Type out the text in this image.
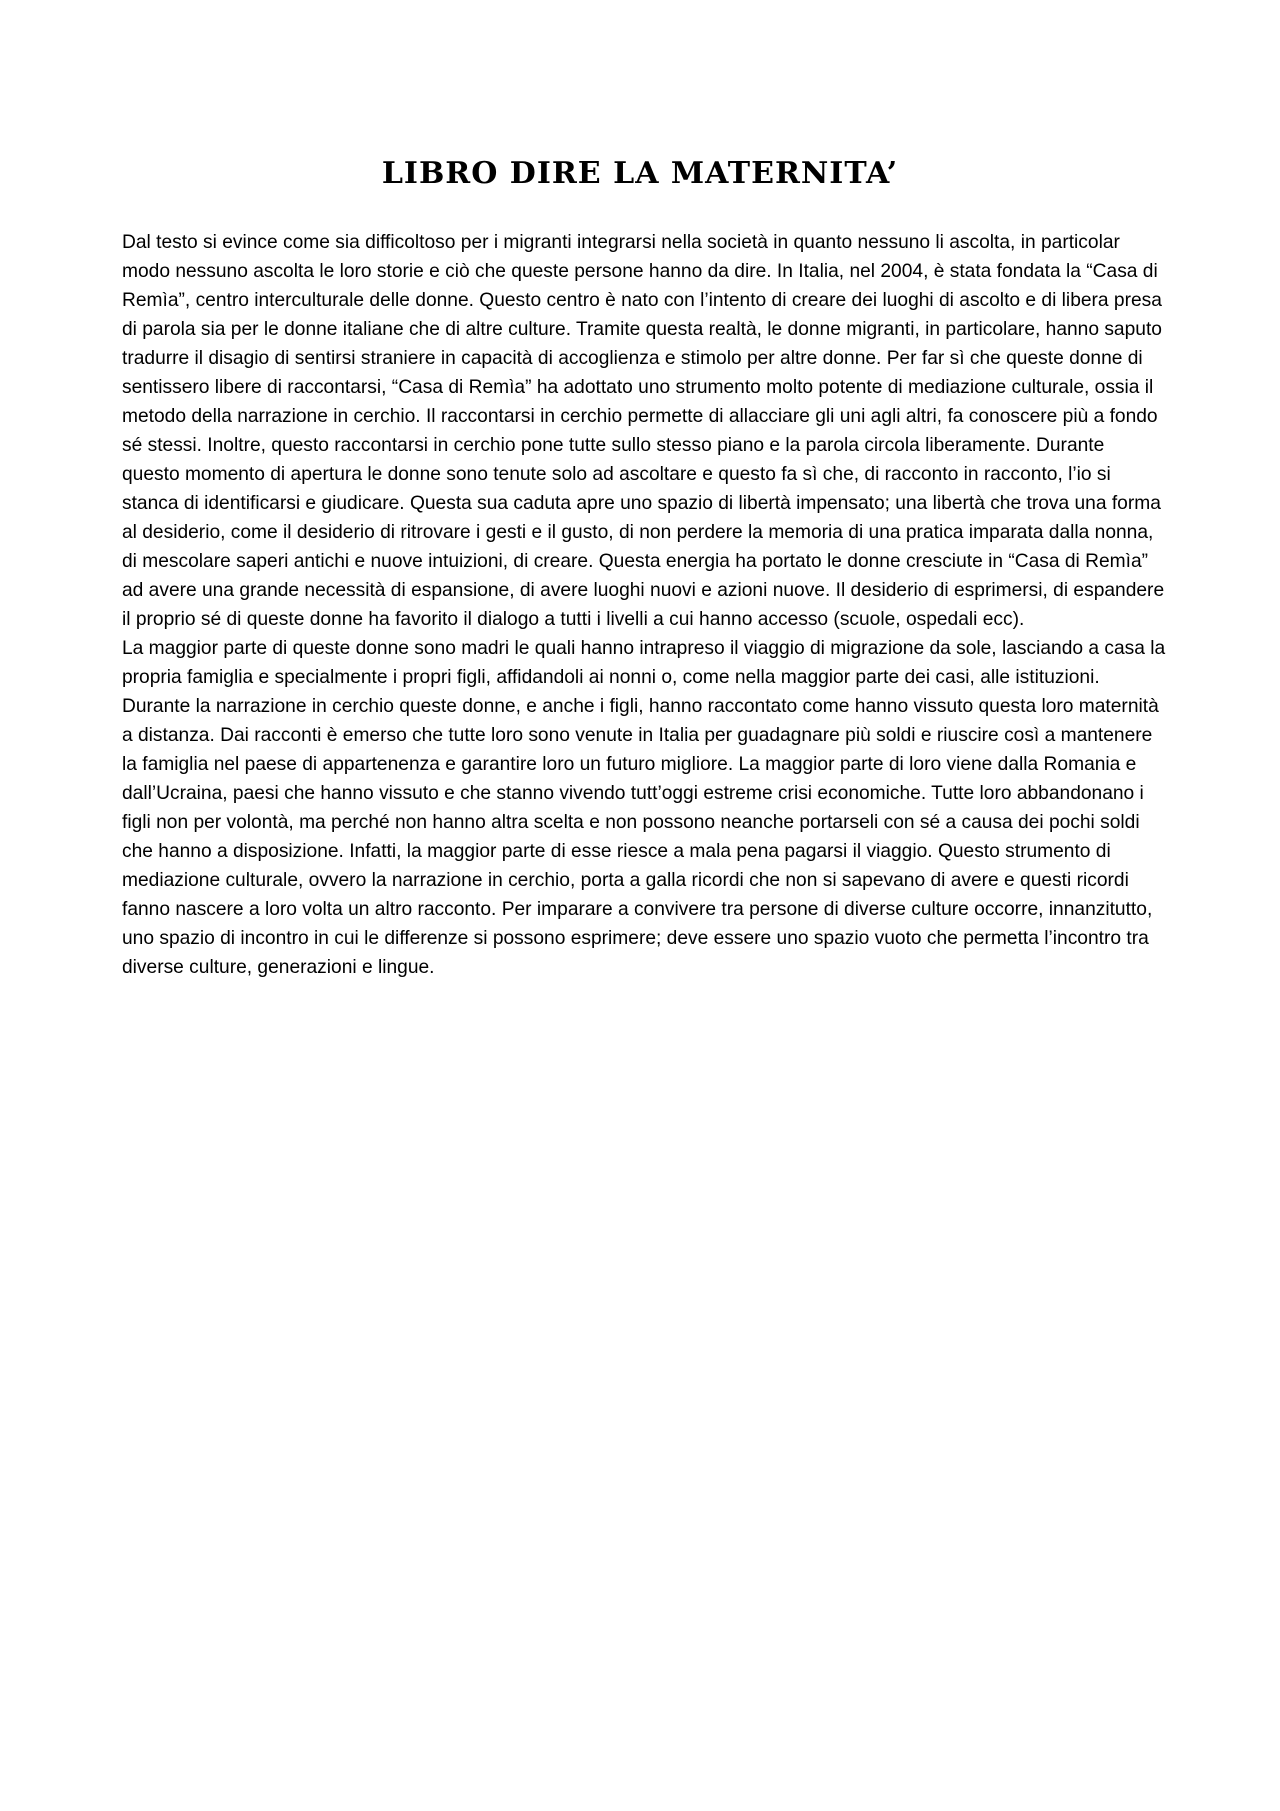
LIBRO DIRE LA MATERNITA’

Dal testo si evince come sia difficoltoso per i migranti integrarsi nella società in quanto nessuno li ascolta, in particolar modo nessuno ascolta le loro storie e ciò che queste persone hanno da dire. In Italia, nel 2004, è stata fondata la “Casa di Remìa”, centro interculturale delle donne. Questo centro è nato con l’intento di creare dei luoghi di ascolto e di libera presa di parola sia per le donne italiane che di altre culture. Tramite questa realtà, le donne migranti, in particolare, hanno saputo tradurre il disagio di sentirsi straniere in capacità di accoglienza e stimolo per altre donne. Per far sì che queste donne di sentissero libere di raccontarsi, “Casa di Remìa” ha adottato uno strumento molto potente di mediazione culturale, ossia il metodo della narrazione in cerchio. Il raccontarsi in cerchio permette di allacciare gli uni agli altri, fa conoscere più a fondo sé stessi. Inoltre, questo raccontarsi in cerchio pone tutte sullo stesso piano e la parola circola liberamente. Durante questo momento di apertura le donne sono tenute solo ad ascoltare e questo fa sì che, di racconto in racconto, l’io si stanca di identificarsi e giudicare. Questa sua caduta apre uno spazio di libertà impensato; una libertà che trova una forma al desiderio, come il desiderio di ritrovare i gesti e il gusto, di non perdere la memoria di una pratica imparata dalla nonna, di mescolare saperi antichi e nuove intuizioni, di creare. Questa energia ha portato le donne cresciute in “Casa di Remìa” ad avere una grande necessità di espansione, di avere luoghi nuovi e azioni nuove. Il desiderio di esprimersi, di espandere il proprio sé di queste donne ha favorito il dialogo a tutti i livelli a cui hanno accesso (scuole, ospedali ecc).

La maggior parte di queste donne sono madri le quali hanno intrapreso il viaggio di migrazione da sole, lasciando a casa la propria famiglia e specialmente i propri figli, affidandoli ai nonni o, come nella maggior parte dei casi, alle istituzioni. Durante la narrazione in cerchio queste donne, e anche i figli, hanno raccontato come hanno vissuto questa loro maternità a distanza. Dai racconti è emerso che tutte loro sono venute in Italia per guadagnare più soldi e riuscire così a mantenere la famiglia nel paese di appartenenza e garantire loro un futuro migliore. La maggior parte di loro viene dalla Romania e dall’Ucraina, paesi che hanno vissuto e che stanno vivendo tutt’oggi estreme crisi economiche. Tutte loro abbandonano i figli non per volontà, ma perché non hanno altra scelta e non possono neanche portarseli con sé a causa dei pochi soldi che hanno a disposizione. Infatti, la maggior parte di esse riesce a mala pena pagarsi il viaggio. Questo strumento di mediazione culturale, ovvero la narrazione in cerchio, porta a galla ricordi che non si sapevano di avere e questi ricordi fanno nascere a loro volta un altro racconto. Per imparare a convivere tra persone di diverse culture occorre, innanzitutto, uno spazio di incontro in cui le differenze si possono esprimere; deve essere uno spazio vuoto che permetta l’incontro tra diverse culture, generazioni e lingue.
